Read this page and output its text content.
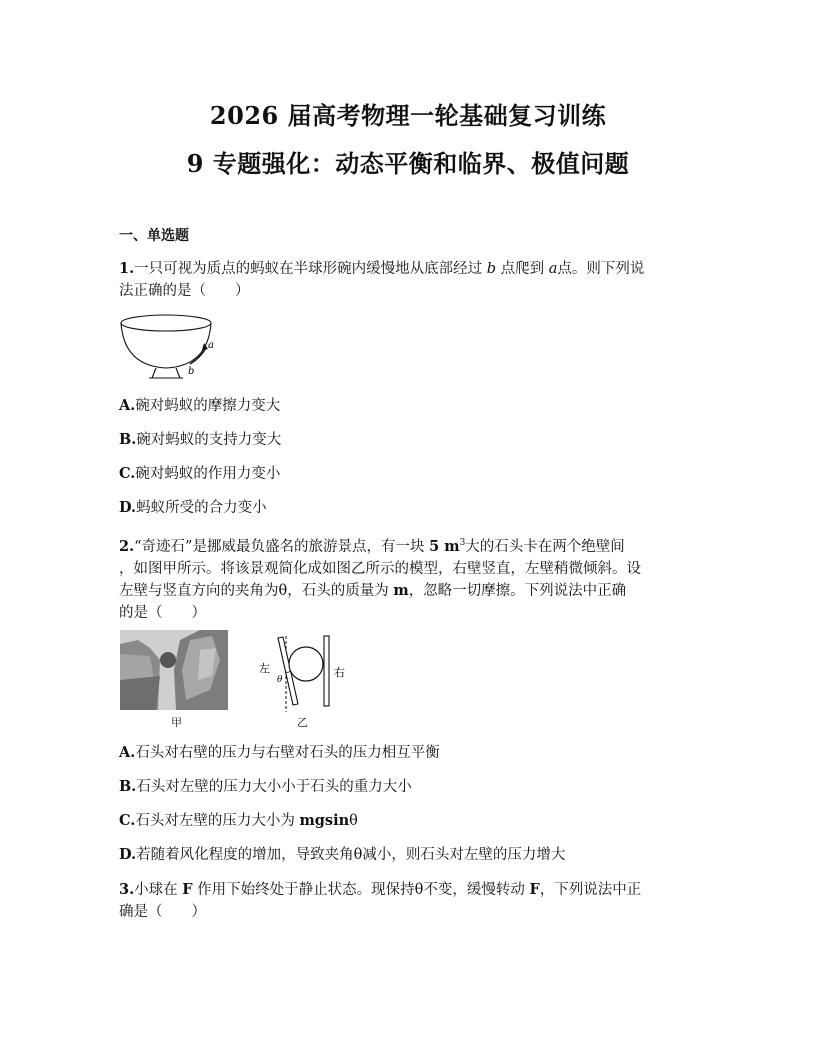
2026 届高考物理一轮基础复习训练
9 专题强化：动态平衡和临界、极值问题
一、单选题
1.一只可视为质点的蚂蚁在半球形碗内缓慢地从底部经过 b 点爬到 a点。则下列说
法正确的是（　　）
a
b
A.碗对蚂蚁的摩擦力变大
B.碗对蚂蚁的支持力变大
C.碗对蚂蚁的作用力变小
D.蚂蚁所受的合力变小
2.“奇迹石”是挪威最负盛名的旅游景点，有一块 5 $m^3$大的石头卡在两个绝壁间
，如图甲所示。将该景观简化成如图乙所示的模型，右壁竖直，左壁稍微倾斜。设
左壁与竖直方向的夹角为θ，石头的质量为 m，忽略一切摩擦。下列说法中正确
的是（　　）
甲
左	右
θ
乙
A.石头对右壁的压力与右壁对石头的压力相互平衡
B.石头对左壁的压力大小小于石头的重力大小
C.石头对左壁的压力大小为 mgsinθ
D.若随着风化程度的增加，导致夹角θ减小，则石头对左壁的压力增大
3.小球在 F 作用下始终处于静止状态。现保持θ不变，缓慢转动 F，下列说法中正
确是（　　）
